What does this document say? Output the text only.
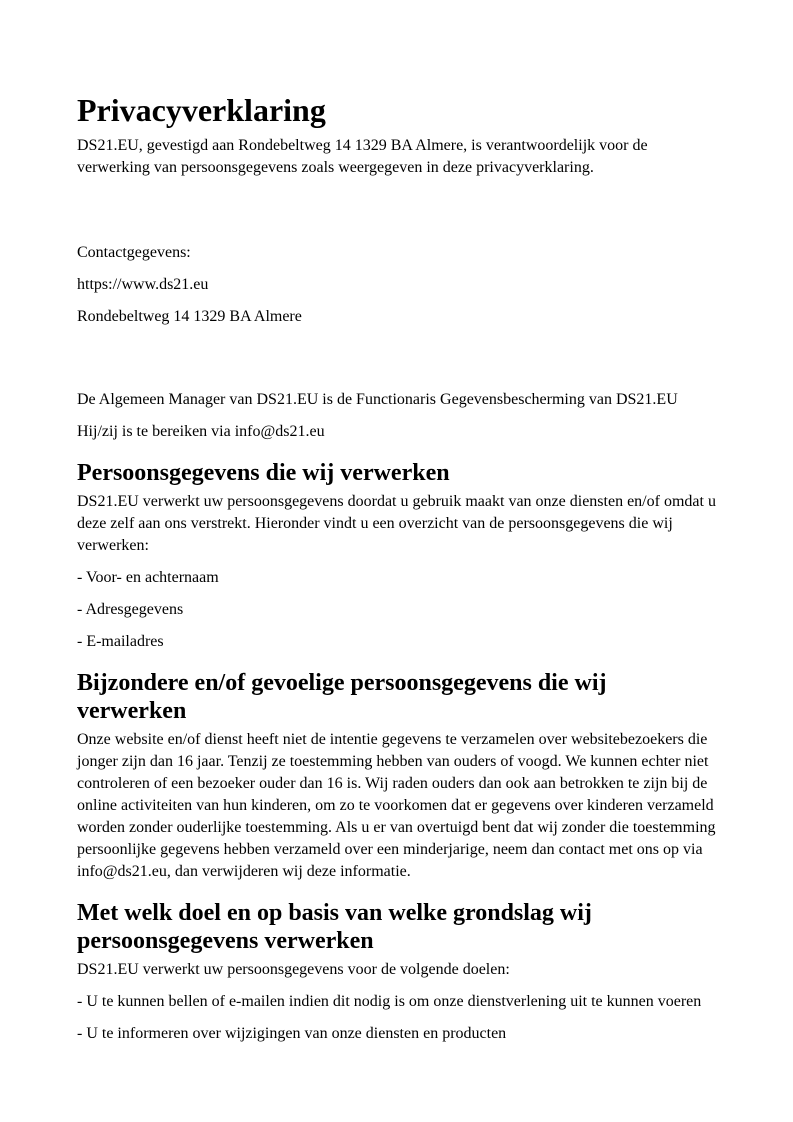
Privacyverklaring

DS21.EU, gevestigd aan Rondebeltweg 14 1329 BA Almere, is verantwoordelijk voor de verwerking van persoonsgegevens zoals weergegeven in deze privacyverklaring.

Contactgegevens:

https://www.ds21.eu

Rondebeltweg 14 1329 BA Almere

De Algemeen Manager van DS21.EU is de Functionaris Gegevensbescherming van DS21.EU

Hij/zij is te bereiken via info@ds21.eu

Persoonsgegevens die wij verwerken

DS21.EU verwerkt uw persoonsgegevens doordat u gebruik maakt van onze diensten en/of omdat u deze zelf aan ons verstrekt. Hieronder vindt u een overzicht van de persoonsgegevens die wij verwerken:

- Voor- en achternaam

- Adresgegevens

- E-mailadres

Bijzondere en/of gevoelige persoonsgegevens die wij verwerken

Onze website en/of dienst heeft niet de intentie gegevens te verzamelen over websitebezoekers die jonger zijn dan 16 jaar. Tenzij ze toestemming hebben van ouders of voogd. We kunnen echter niet controleren of een bezoeker ouder dan 16 is. Wij raden ouders dan ook aan betrokken te zijn bij de online activiteiten van hun kinderen, om zo te voorkomen dat er gegevens over kinderen verzameld worden zonder ouderlijke toestemming. Als u er van overtuigd bent dat wij zonder die toestemming persoonlijke gegevens hebben verzameld over een minderjarige, neem dan contact met ons op via info@ds21.eu, dan verwijderen wij deze informatie.

Met welk doel en op basis van welke grondslag wij persoonsgegevens verwerken

DS21.EU verwerkt uw persoonsgegevens voor de volgende doelen:

- U te kunnen bellen of e-mailen indien dit nodig is om onze dienstverlening uit te kunnen voeren

- U te informeren over wijzigingen van onze diensten en producten
